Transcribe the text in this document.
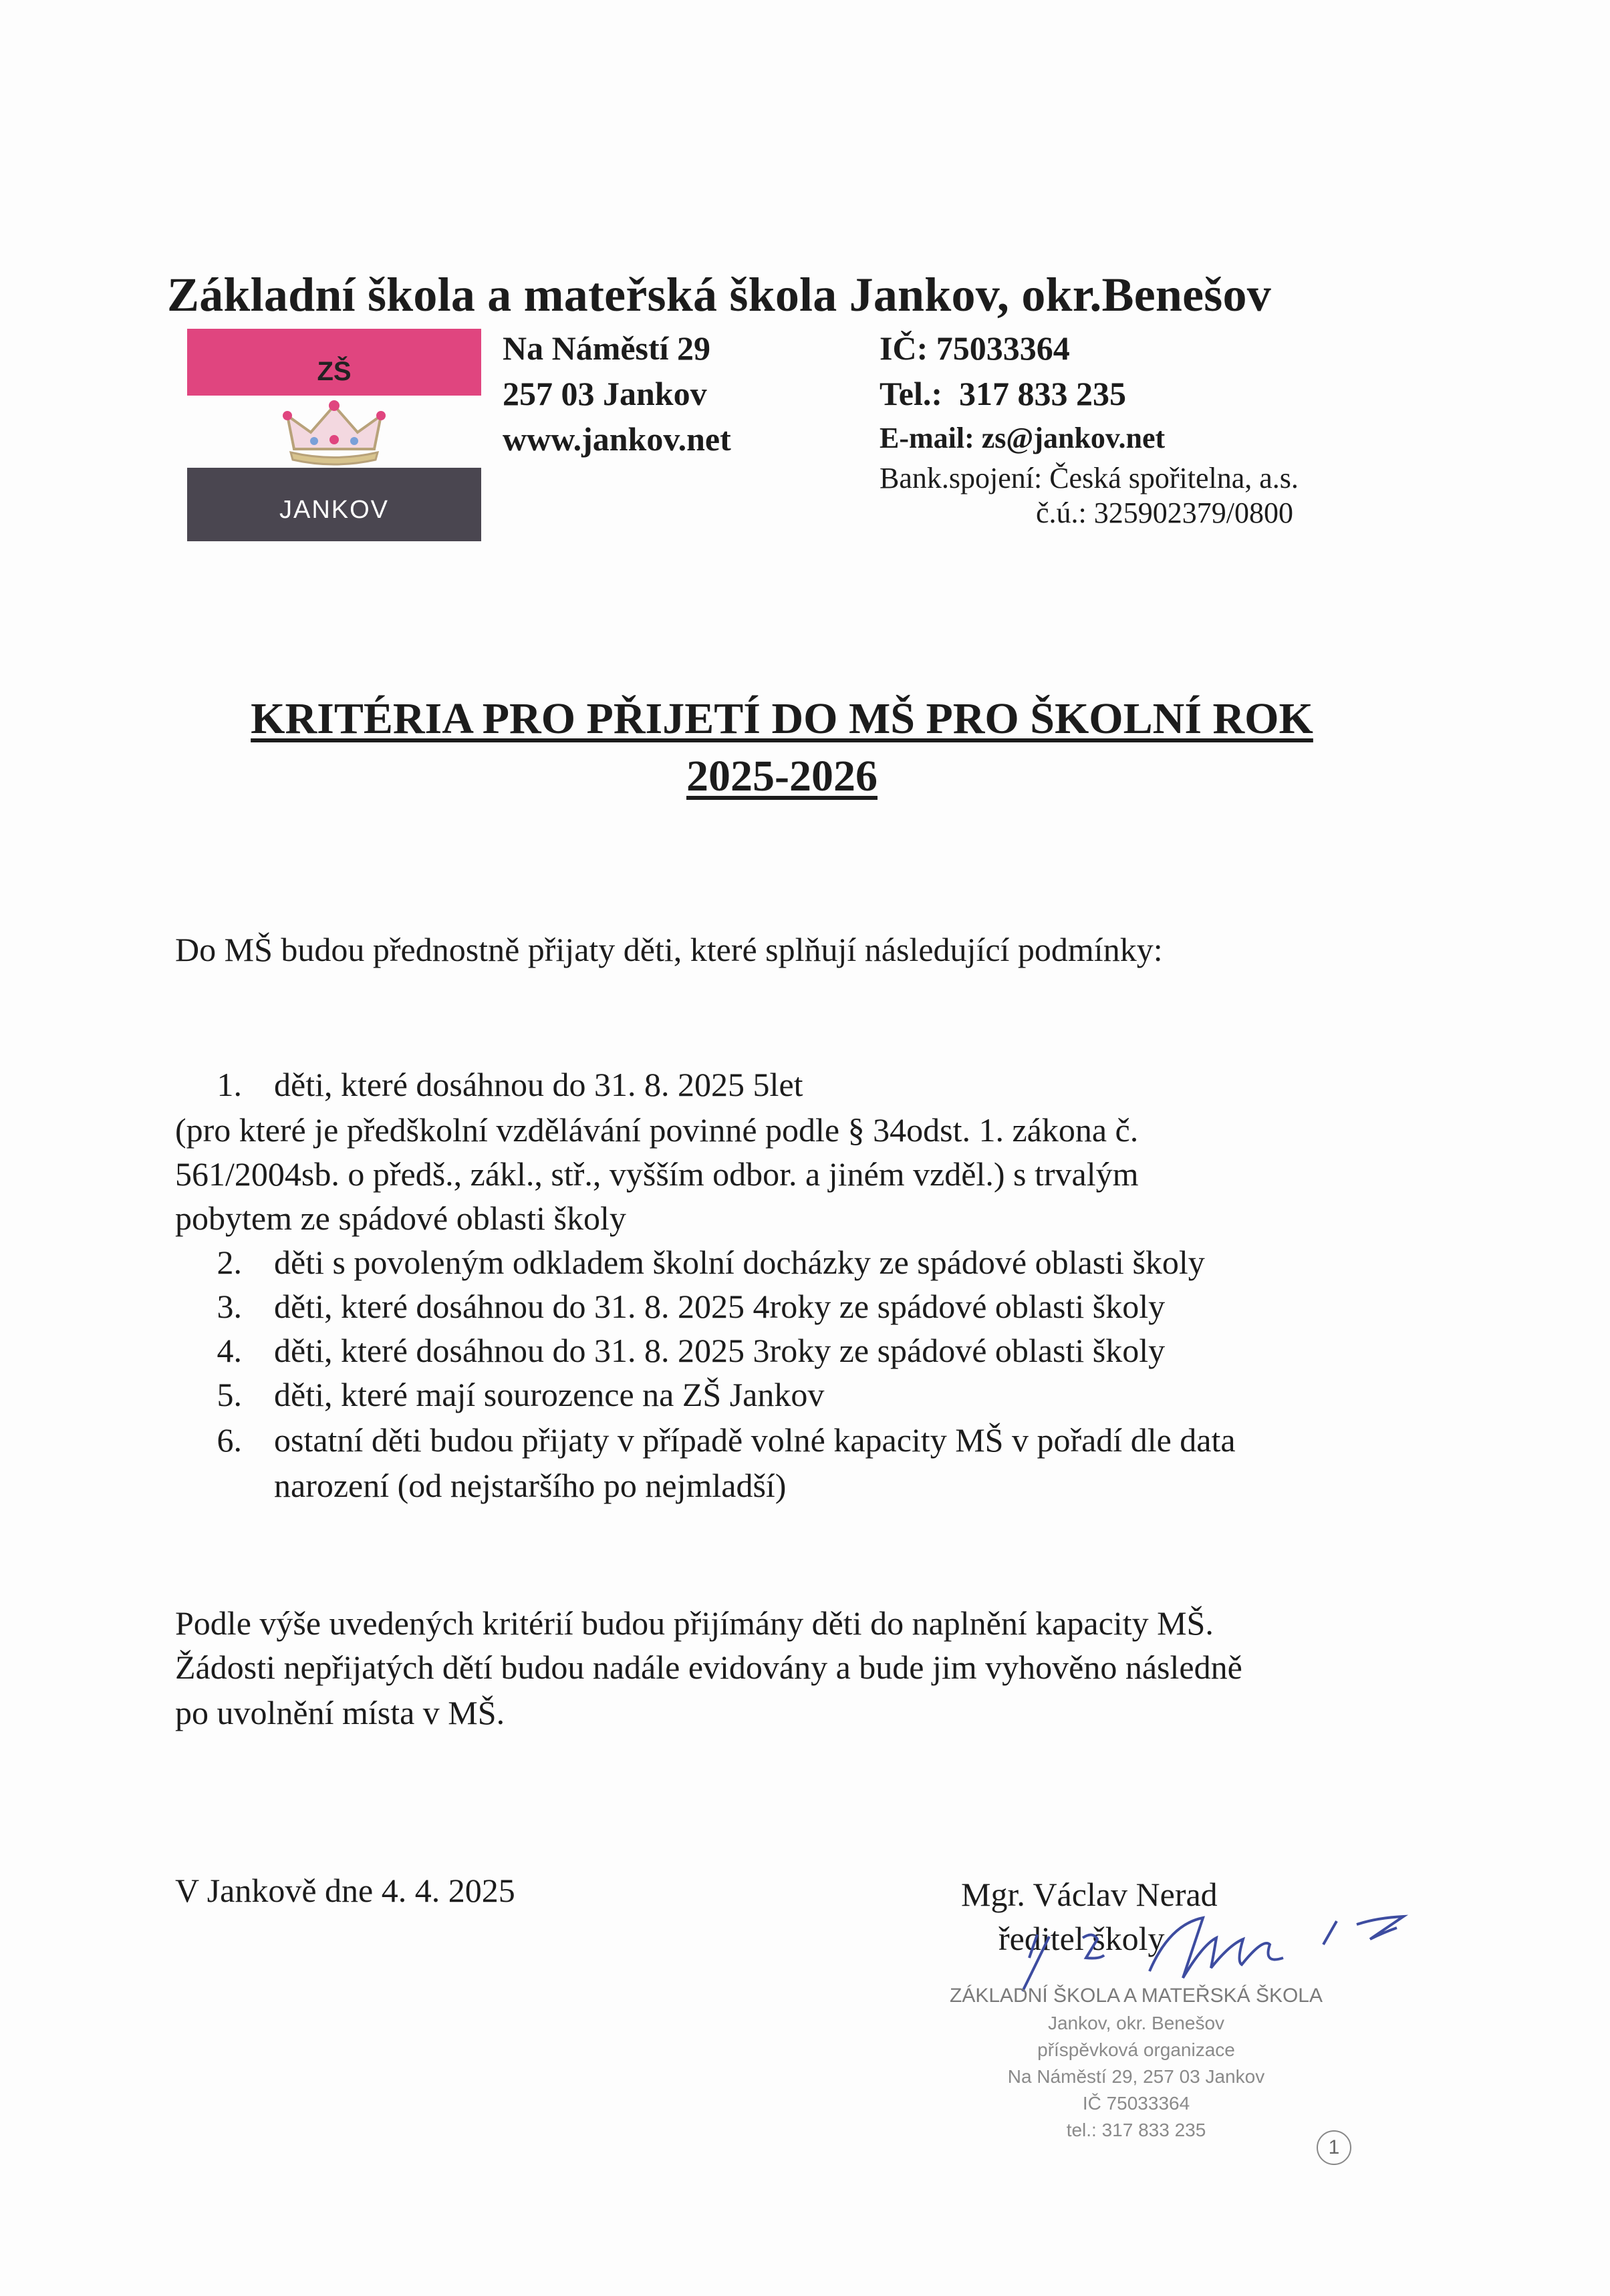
Základní škola a mateřská škola Jankov, okr.Benešov
ZŠ
JANKOV
Na Náměstí 29
257 03 Jankov
www.jankov.net
IČ: 75033364
Tel.:  317 833 235
E-mail: zs@jankov.net
Bank.spojení: Česká spořitelna, a.s.
č.ú.: 325902379/0800
KRITÉRIA PRO PŘIJETÍ DO MŠ PRO ŠKOLNÍ ROK
2025-2026
Do MŠ budou přednostně přijaty děti, které splňují následující podmínky:
1. děti, které dosáhnou do 31. 8. 2025 5let
(pro které je předškolní vzdělávání povinné podle § 34odst. 1. zákona č.
561/2004sb. o předš., zákl., stř., vyšším odbor. a jiném vzděl.) s trvalým
pobytem ze spádové oblasti školy
2. děti s povoleným odkladem školní docházky ze spádové oblasti školy
3. děti, které dosáhnou do 31. 8. 2025 4roky ze spádové oblasti školy
4. děti, které dosáhnou do 31. 8. 2025 3roky ze spádové oblasti školy
5. děti, které mají sourozence na ZŠ Jankov
6. ostatní děti budou přijaty v případě volné kapacity MŠ v pořadí dle data
narození (od nejstaršího po nejmladší)
Podle výše uvedených kritérií budou přijímány děti do naplnění kapacity MŠ.
Žádosti nepřijatých dětí budou nadále evidovány a bude jim vyhověno následně
po uvolnění místa v MŠ.
V Jankově dne 4. 4. 2025	Mgr. Václav Nerad
ředitel školy
ZÁKLADNÍ ŠKOLA A MATEŘSKÁ ŠKOLA
Jankov, okr. Benešov
příspěvková organizace
Na Náměstí 29, 257 03 Jankov
IČ 75033364
tel.: 317 833 235
1
